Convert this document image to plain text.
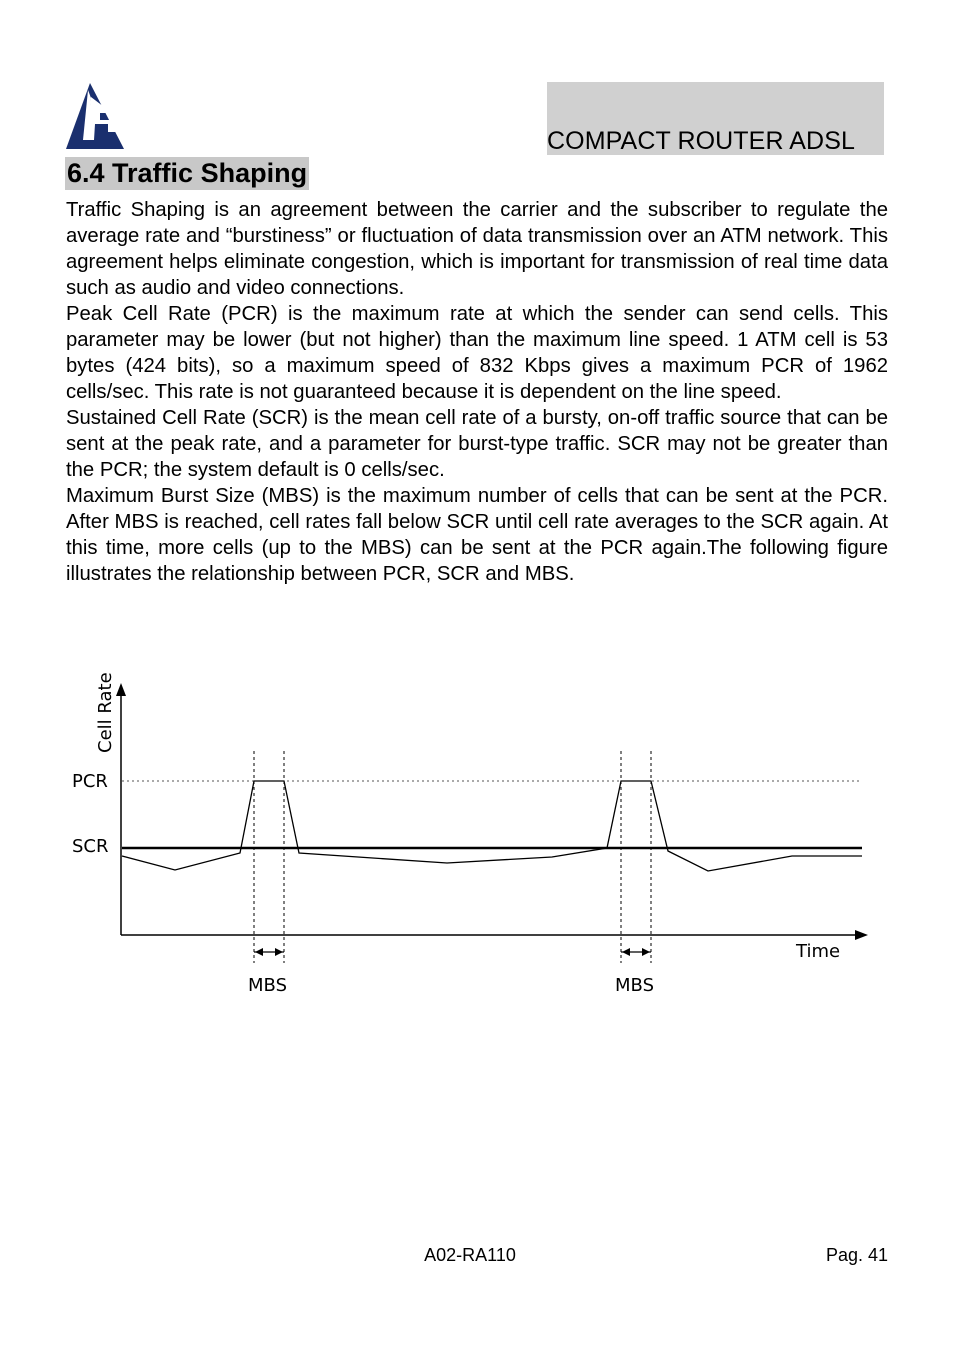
COMPACT ROUTER ADSL
6.4 Traffic Shaping

Traffic Shaping is an agreement between the carrier and the subscriber to regulate the average rate and “burstiness” or fluctuation of data transmission over an ATM network. This agreement helps eliminate congestion, which is important for transmission of real time data such as audio and video connections.

Peak Cell Rate (PCR) is the maximum rate at which the sender can send cells. This parameter may be lower (but not higher) than the maximum line speed. 1 ATM cell is 53 bytes (424 bits), so a maximum speed of 832 Kbps gives a maximum PCR of 1962 cells/sec. This rate is not guaranteed because it is dependent on the line speed.

Sustained Cell Rate (SCR) is the mean cell rate of a bursty, on-off traffic source that can be sent at the peak rate, and a parameter for burst-type traffic. SCR may not be greater than the PCR; the system default is 0 cells/sec.

Maximum Burst Size (MBS) is the maximum number of cells that can be sent at the PCR. After MBS is reached, cell rates fall below SCR until cell rate averages to the SCR again. At this time, more cells (up to the MBS) can be sent at the PCR again.The following figure illustrates the relationship between PCR, SCR and MBS.

Cell Rate
PCR
SCR
Time
MBS	MBS
A02-RA110	Pag. 41
